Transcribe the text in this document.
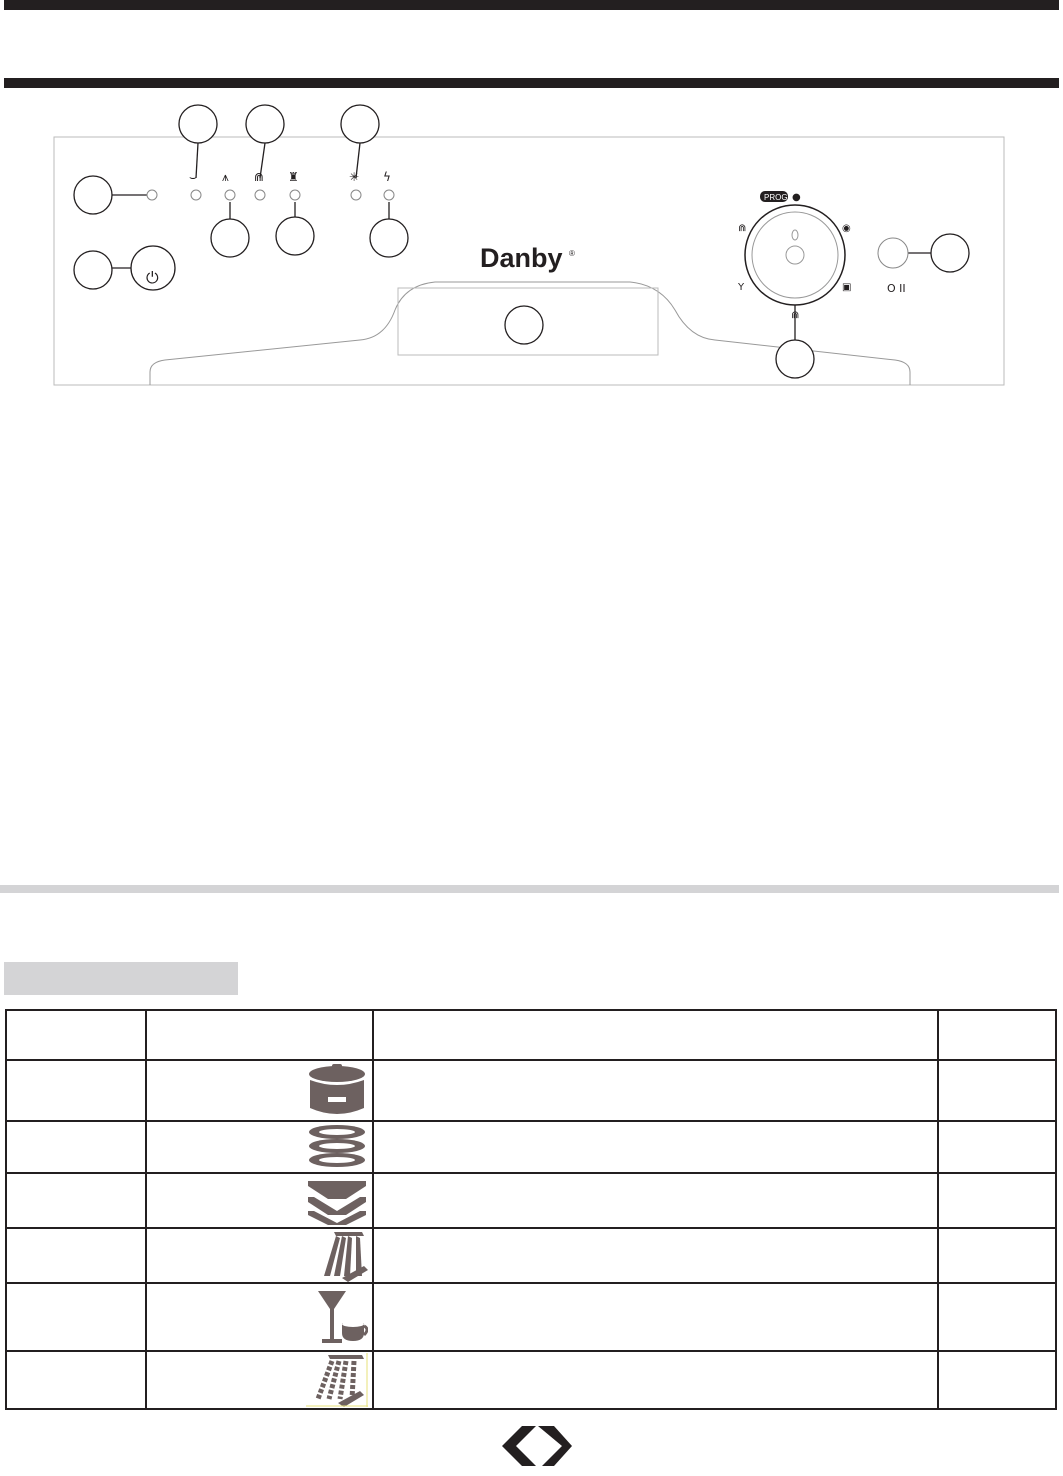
⌣ ⩚ ⋒ ♜	✳ ϟ
⏻
Danby ®
PROG ●
◉
▣
⋒
Y
⋒
O II
